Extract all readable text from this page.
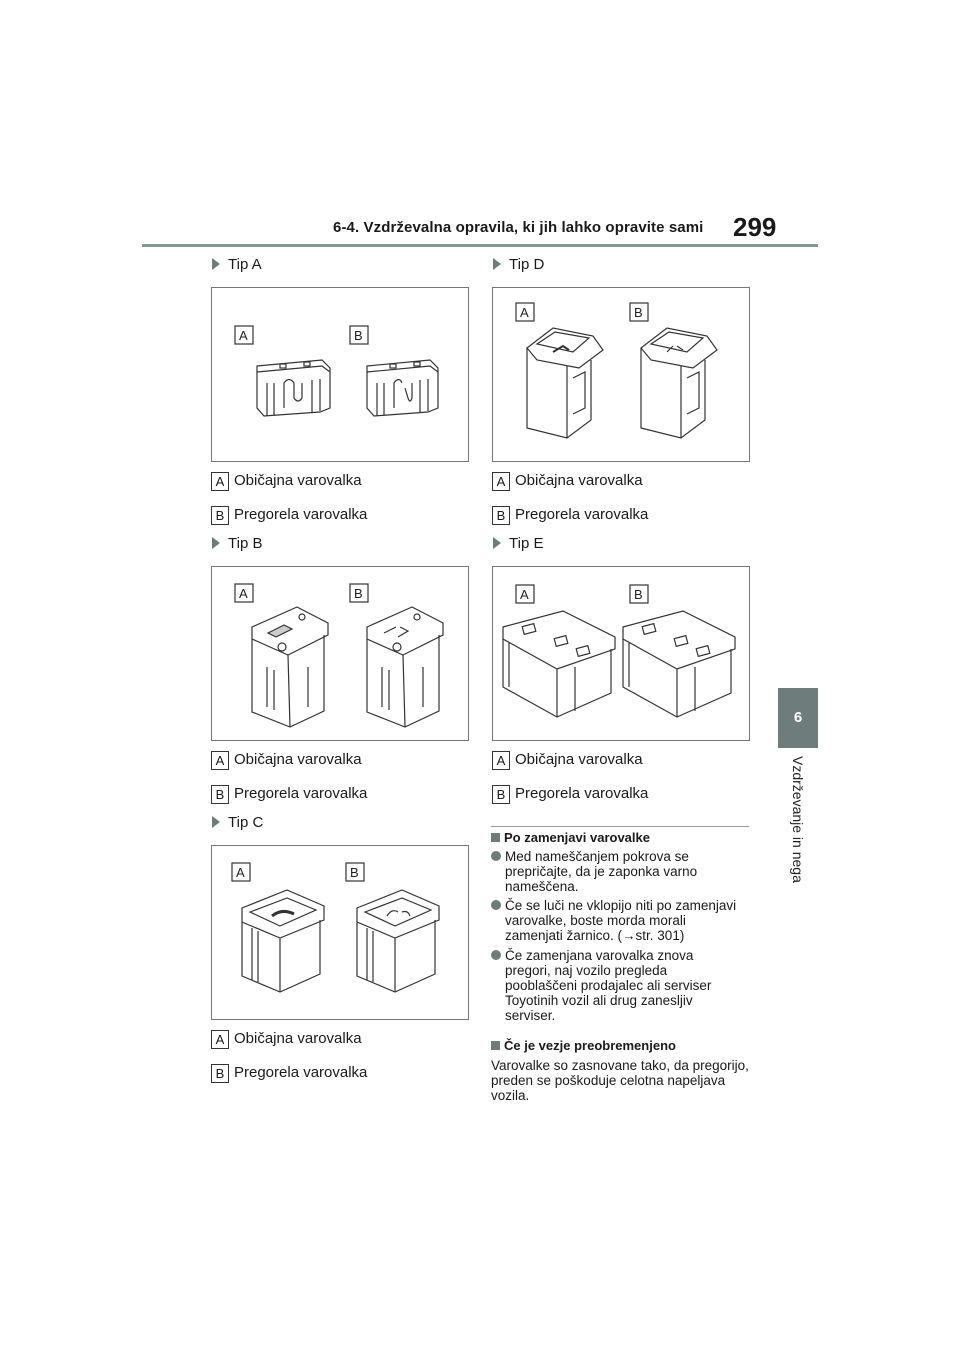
6-4. Vzdrževalna opravila, ki jih lahko opravite sami 299
6
Vzdrževanje in nega
Tip A
A	B
A Običajna varovalka
B Pregorela varovalka
Tip B
A	B
A Običajna varovalka
B Pregorela varovalka
Tip C
A	B
A Običajna varovalka
B Pregorela varovalka
Tip D
A	B
A Običajna varovalka
B Pregorela varovalka
Tip E
A	B
A Običajna varovalka
B Pregorela varovalka
Po zamenjavi varovalke
Med nameščanjem pokrova se prepričajte, da je zaponka varno nameščena.
Če se luči ne vklopijo niti po zamenjavi varovalke, boste morda morali zamenjati žarnico. (→str. 301)
Če zamenjana varovalka znova pregori, naj vozilo pregleda pooblaščeni prodajalec ali serviser Toyotinih vozil ali drug zanesljiv serviser.
Če je vezje preobremenjeno
Varovalke so zasnovane tako, da pregorijo, preden se poškoduje celotna napeljava vozila.
